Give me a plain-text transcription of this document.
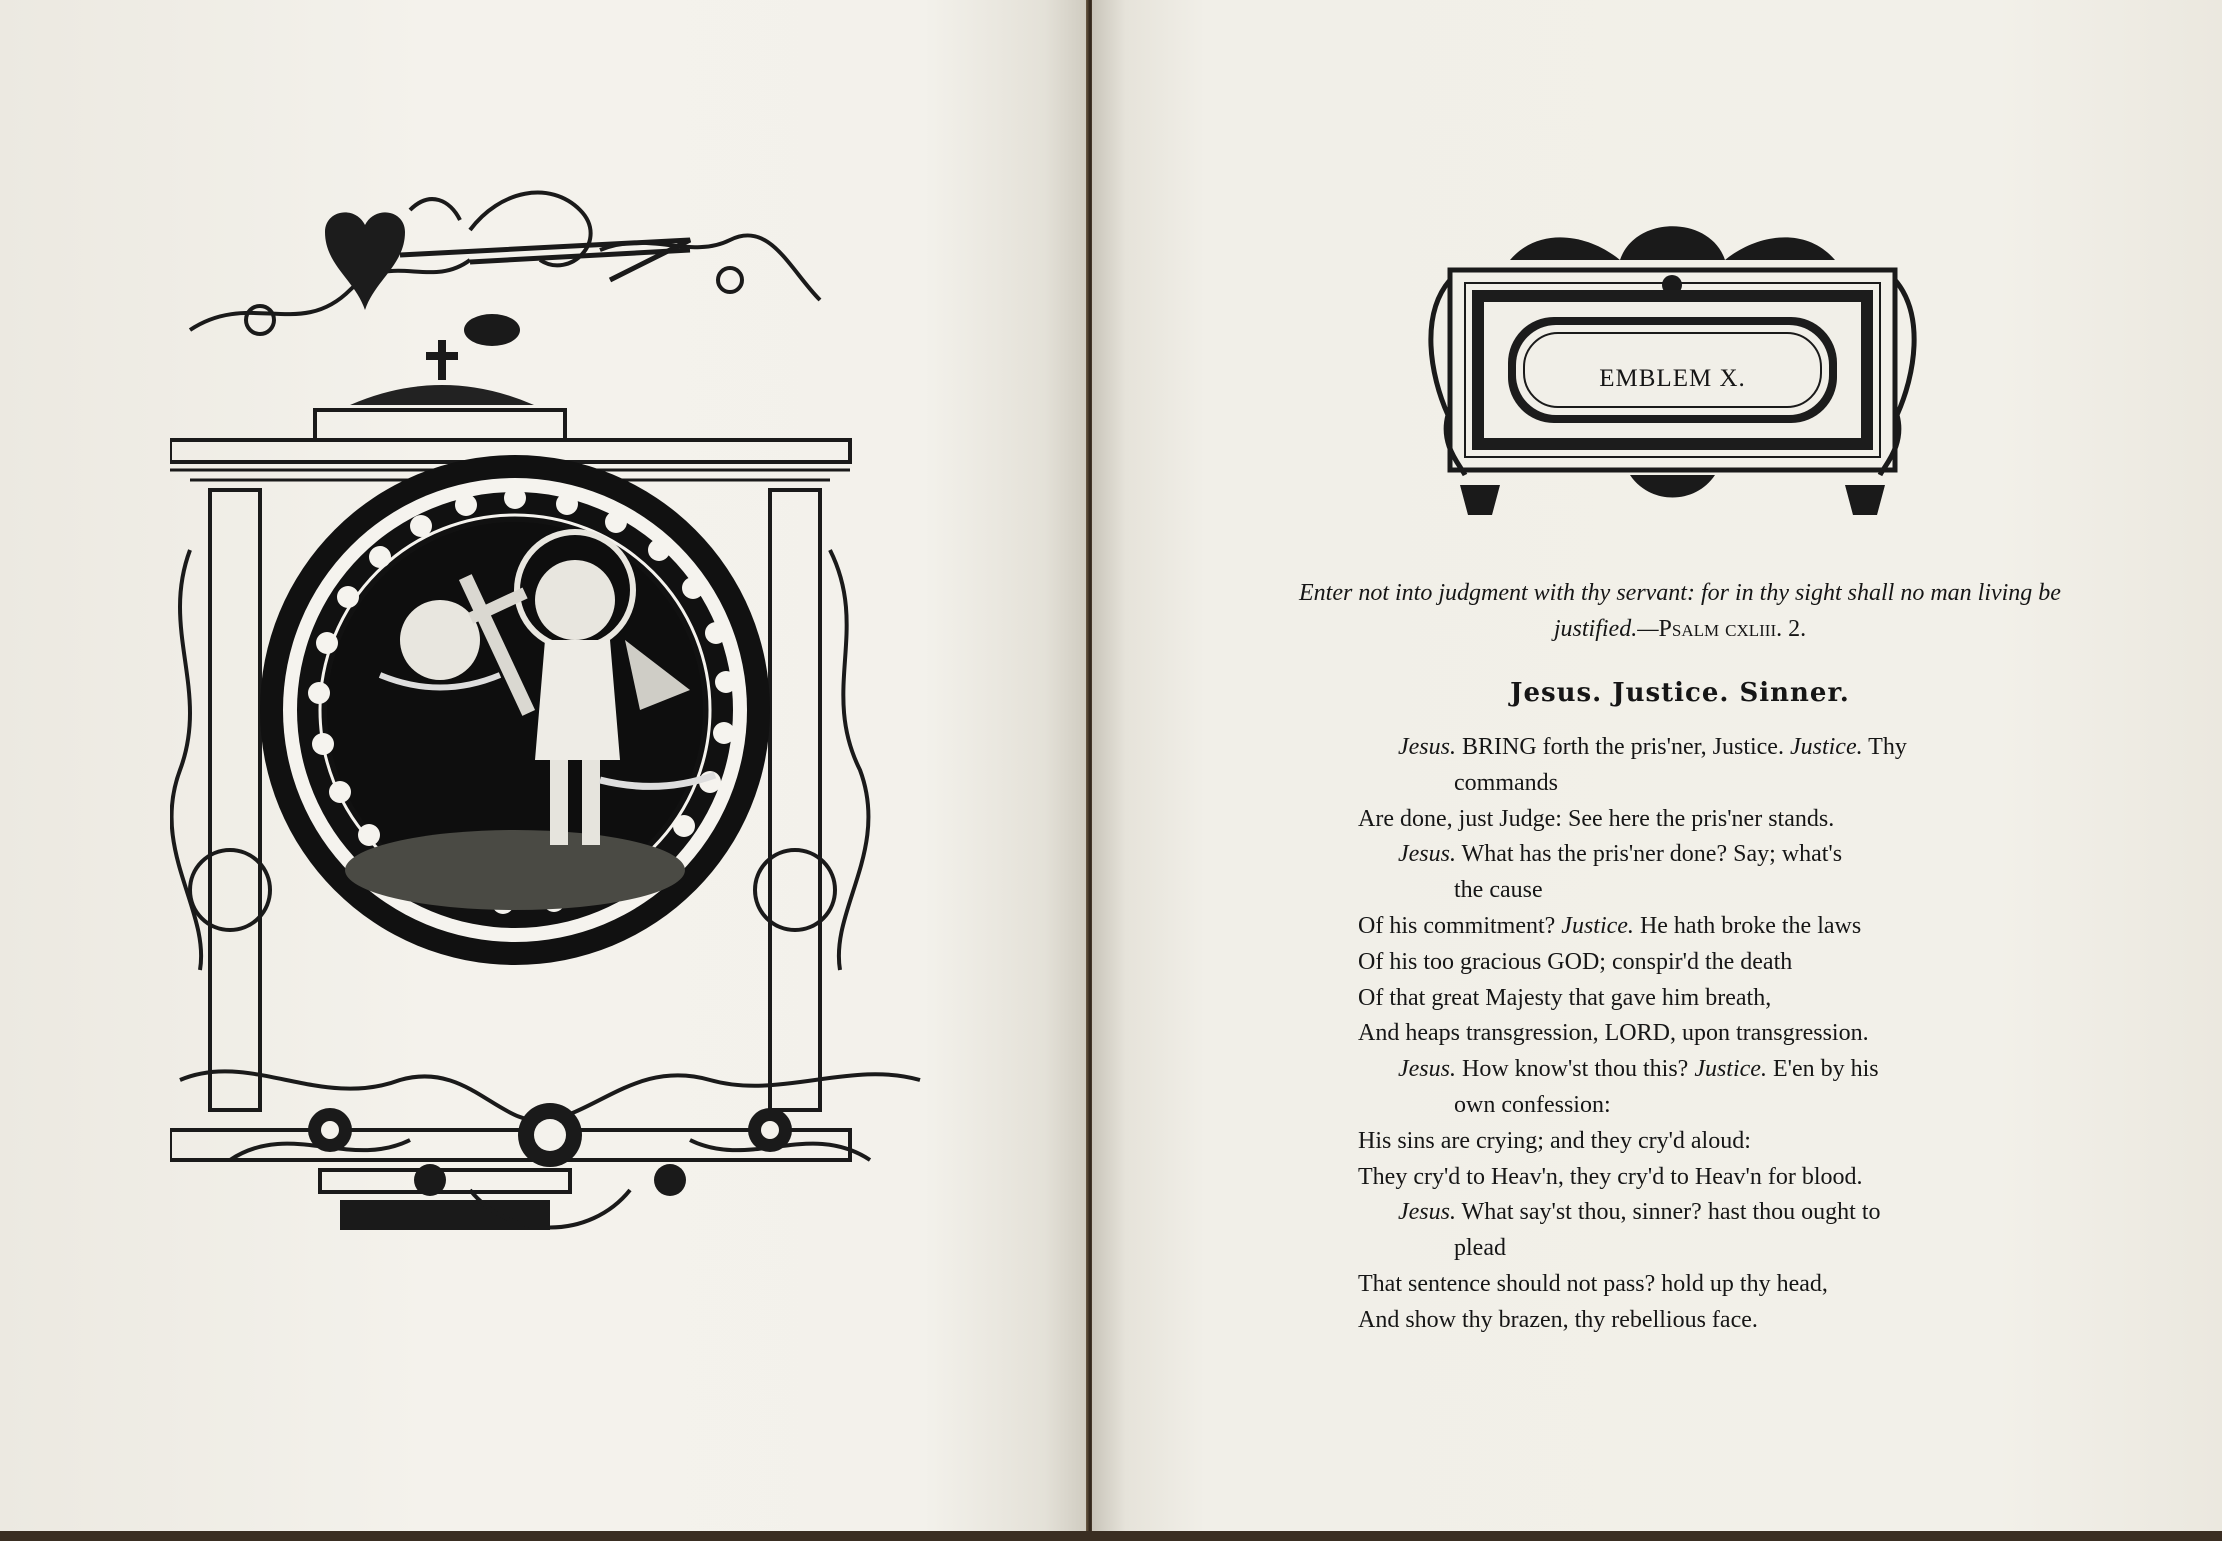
EMBLEM X.
Enter not into judgment with thy servant: for in thy sight shall no man living be justified.—Psalm cxliii. 2.
Jesus. Justice. Sinner.
Jesus. BRING forth the pris'ner, Justice. Justice. Thy
commands
Are done, just Judge: See here the pris'ner stands.
Jesus. What has the pris'ner done? Say; what's
the cause
Of his commitment? Justice. He hath broke the laws
Of his too gracious GOD; conspir'd the death
Of that great Majesty that gave him breath,
And heaps transgression, LORD, upon transgression.
Jesus. How know'st thou this? Justice. E'en by his
own confession:
His sins are crying; and they cry'd aloud:
They cry'd to Heav'n, they cry'd to Heav'n for blood.
Jesus. What say'st thou, sinner? hast thou ought to
plead
That sentence should not pass? hold up thy head,
And show thy brazen, thy rebellious face.
